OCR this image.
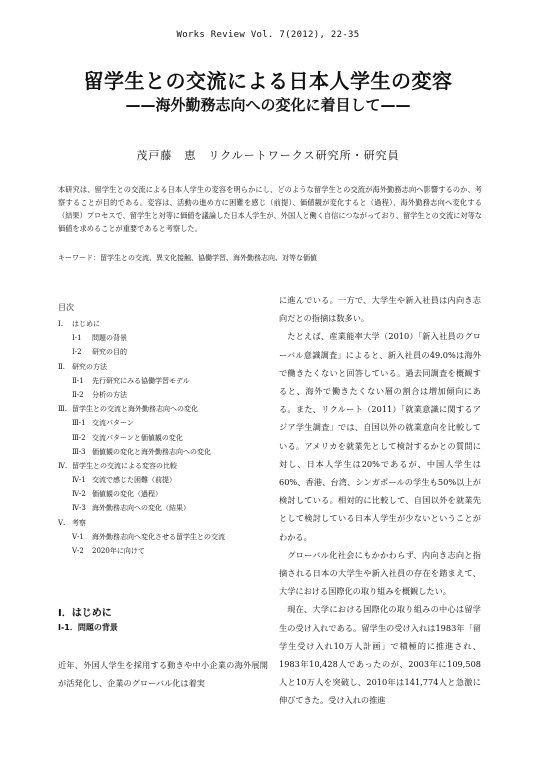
Works Review Vol. 7(2012), 22-35
留学生との交流による日本人学生の変容
——海外勤務志向への変化に着目して——
茂戸藤　恵　リクルートワークス研究所・研究員
本研究は、留学生との交流による日本人学生の変容を明らかにし、どのような留学生との交流が海外勤務志向へ影響するのか、考察することが目的である。変容は、活動の進め方に困難を感じ（前提）、価値観が変化すると（過程）、海外勤務志向へ変化する（結果）プロセスで、留学生と対等に価値を議論した日本人学生が、外国人と働く自信につながっており、留学生との交流に対等な価値を求めることが重要であると考察した。
キーワード：留学生との交流、異文化接触、協働学習、海外勤務志向、対等な価値
目次
Ⅰ. はじめに
Ⅰ-1 問題の背景
Ⅰ-2 研究の目的
Ⅱ. 研究の方法
Ⅱ-1 先行研究にみる協働学習モデル
Ⅱ-2 分析の方法
Ⅲ. 留学生との交流と海外勤務志向への変化
Ⅲ-1 交流パターン
Ⅲ-2 交流パターンと価値観の変化
Ⅲ-3 価値観の変化と海外勤務志向への変化
Ⅳ. 留学生との交流による変容の比較
Ⅳ-1 交流で感じた困難（前提）
Ⅳ-2 価値観の変化（過程）
Ⅳ-3 海外勤務志向への変化（結果）
Ⅴ. 考察
Ⅴ-1 海外勤務志向へ変化させる留学生との交流
Ⅴ-2 2020年に向けて
Ⅰ．はじめに
Ⅰ-1．問題の背景
近年、外国人学生を採用する動きや中小企業の海外展開が活発化し、企業のグローバル化は着実

に進んでいる。一方で、大学生や新入社員は内向き志向だとの指摘は数多い。

たとえば、産業能率大学（2010）「新入社員のグローバル意識調査」によると、新入社員の49.0%は海外で働きたくないと回答している。過去同調査を概観すると、海外で働きたくない層の割合は増加傾向にある。また、リクルート（2011）「就業意識に関するアジア学生調査」では、自国以外の就業意向を比較している。アメリカを就業先として検討するかとの質問に対し、日本人学生は20%であるが、中国人学生は60%、香港、台湾、シンガポールの学生も50%以上が検討している。相対的に比較して、自国以外を就業先として検討している日本人学生が少ないということがわかる。

グローバル化社会にもかかわらず、内向き志向と指摘される日本の大学生や新入社員の存在を踏まえて、大学における国際化の取り組みを概観したい。

現在、大学における国際化の取り組みの中心は留学生の受け入れである。留学生の受け入れは1983年「留学生受け入れ10万人計画」で積極的に推進され、1983年10,428人であったのが、2003年に109,508人と10万人を突破し、2010年は141,774人と急激に伸びてきた。受け入れの推進
